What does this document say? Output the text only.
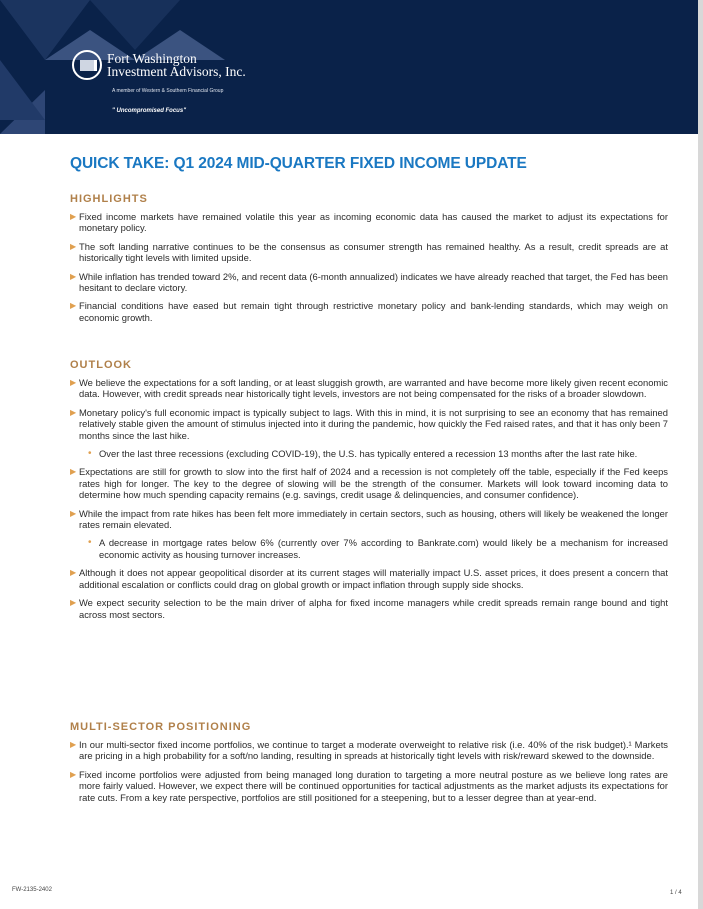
Fort Washington
Investment Advisors, Inc.
A member of Western & Southern Financial Group
" Uncompromised Focus"
QUICK TAKE: Q1 2024 MID-QUARTER FIXED INCOME UPDATE
HIGHLIGHTS
▶ Fixed income markets have remained volatile this year as incoming economic data has caused the market to adjust its expectations for monetary policy.
▶ The soft landing narrative continues to be the consensus as consumer strength has remained healthy. As a result, credit spreads are at historically tight levels with limited upside.
▶ While inflation has trended toward 2%, and recent data (6-month annualized) indicates we have already reached that target, the Fed has been hesitant to declare victory.
▶ Financial conditions have eased but remain tight through restrictive monetary policy and bank-lending standards, which may weigh on economic growth.
OUTLOOK
▶ We believe the expectations for a soft landing, or at least sluggish growth, are warranted and have become more likely given recent economic data. However, with credit spreads near historically tight levels, investors are not being compensated for the risks of a broader slowdown.
▶ Monetary policy's full economic impact is typically subject to lags. With this in mind, it is not surprising to see an economy that has remained relatively stable given the amount of stimulus injected into it during the pandemic, how quickly the Fed raised rates, and that it has only been 7 months since the last hike.
• Over the last three recessions (excluding COVID-19), the U.S. has typically entered a recession 13 months after the last rate hike.
▶ Expectations are still for growth to slow into the first half of 2024 and a recession is not completely off the table, especially if the Fed keeps rates high for longer. The key to the degree of slowing will be the strength of the consumer. Markets will look toward incoming data to determine how much spending capacity remains (e.g. savings, credit usage & delinquencies, and consumer confidence).
▶ While the impact from rate hikes has been felt more immediately in certain sectors, such as housing, others will likely be weakened the longer rates remain elevated.
• A decrease in mortgage rates below 6% (currently over 7% according to Bankrate.com) would likely be a mechanism for increased economic activity as housing turnover increases.
▶ Although it does not appear geopolitical disorder at its current stages will materially impact U.S. asset prices, it does present a concern that additional escalation or conflicts could drag on global growth or impact inflation through supply side shocks.
▶ We expect security selection to be the main driver of alpha for fixed income managers while credit spreads remain range bound and tight across most sectors.
MULTI-SECTOR POSITIONING
▶ In our multi-sector fixed income portfolios, we continue to target a moderate overweight to relative risk (i.e. 40% of the risk budget).¹ Markets are pricing in a high probability for a soft/no landing, resulting in spreads at historically tight levels with risk/reward skewed to the downside.
▶ Fixed income portfolios were adjusted from being managed long duration to targeting a more neutral posture as we believe long rates are more fairly valued. However, we expect there will be continued opportunities for tactical adjustments as the market adjusts its expectations for rate cuts. From a key rate perspective, portfolios are still positioned for a steepening, but to a lesser degree than at year-end.
FW-2135-2402	1 / 4
